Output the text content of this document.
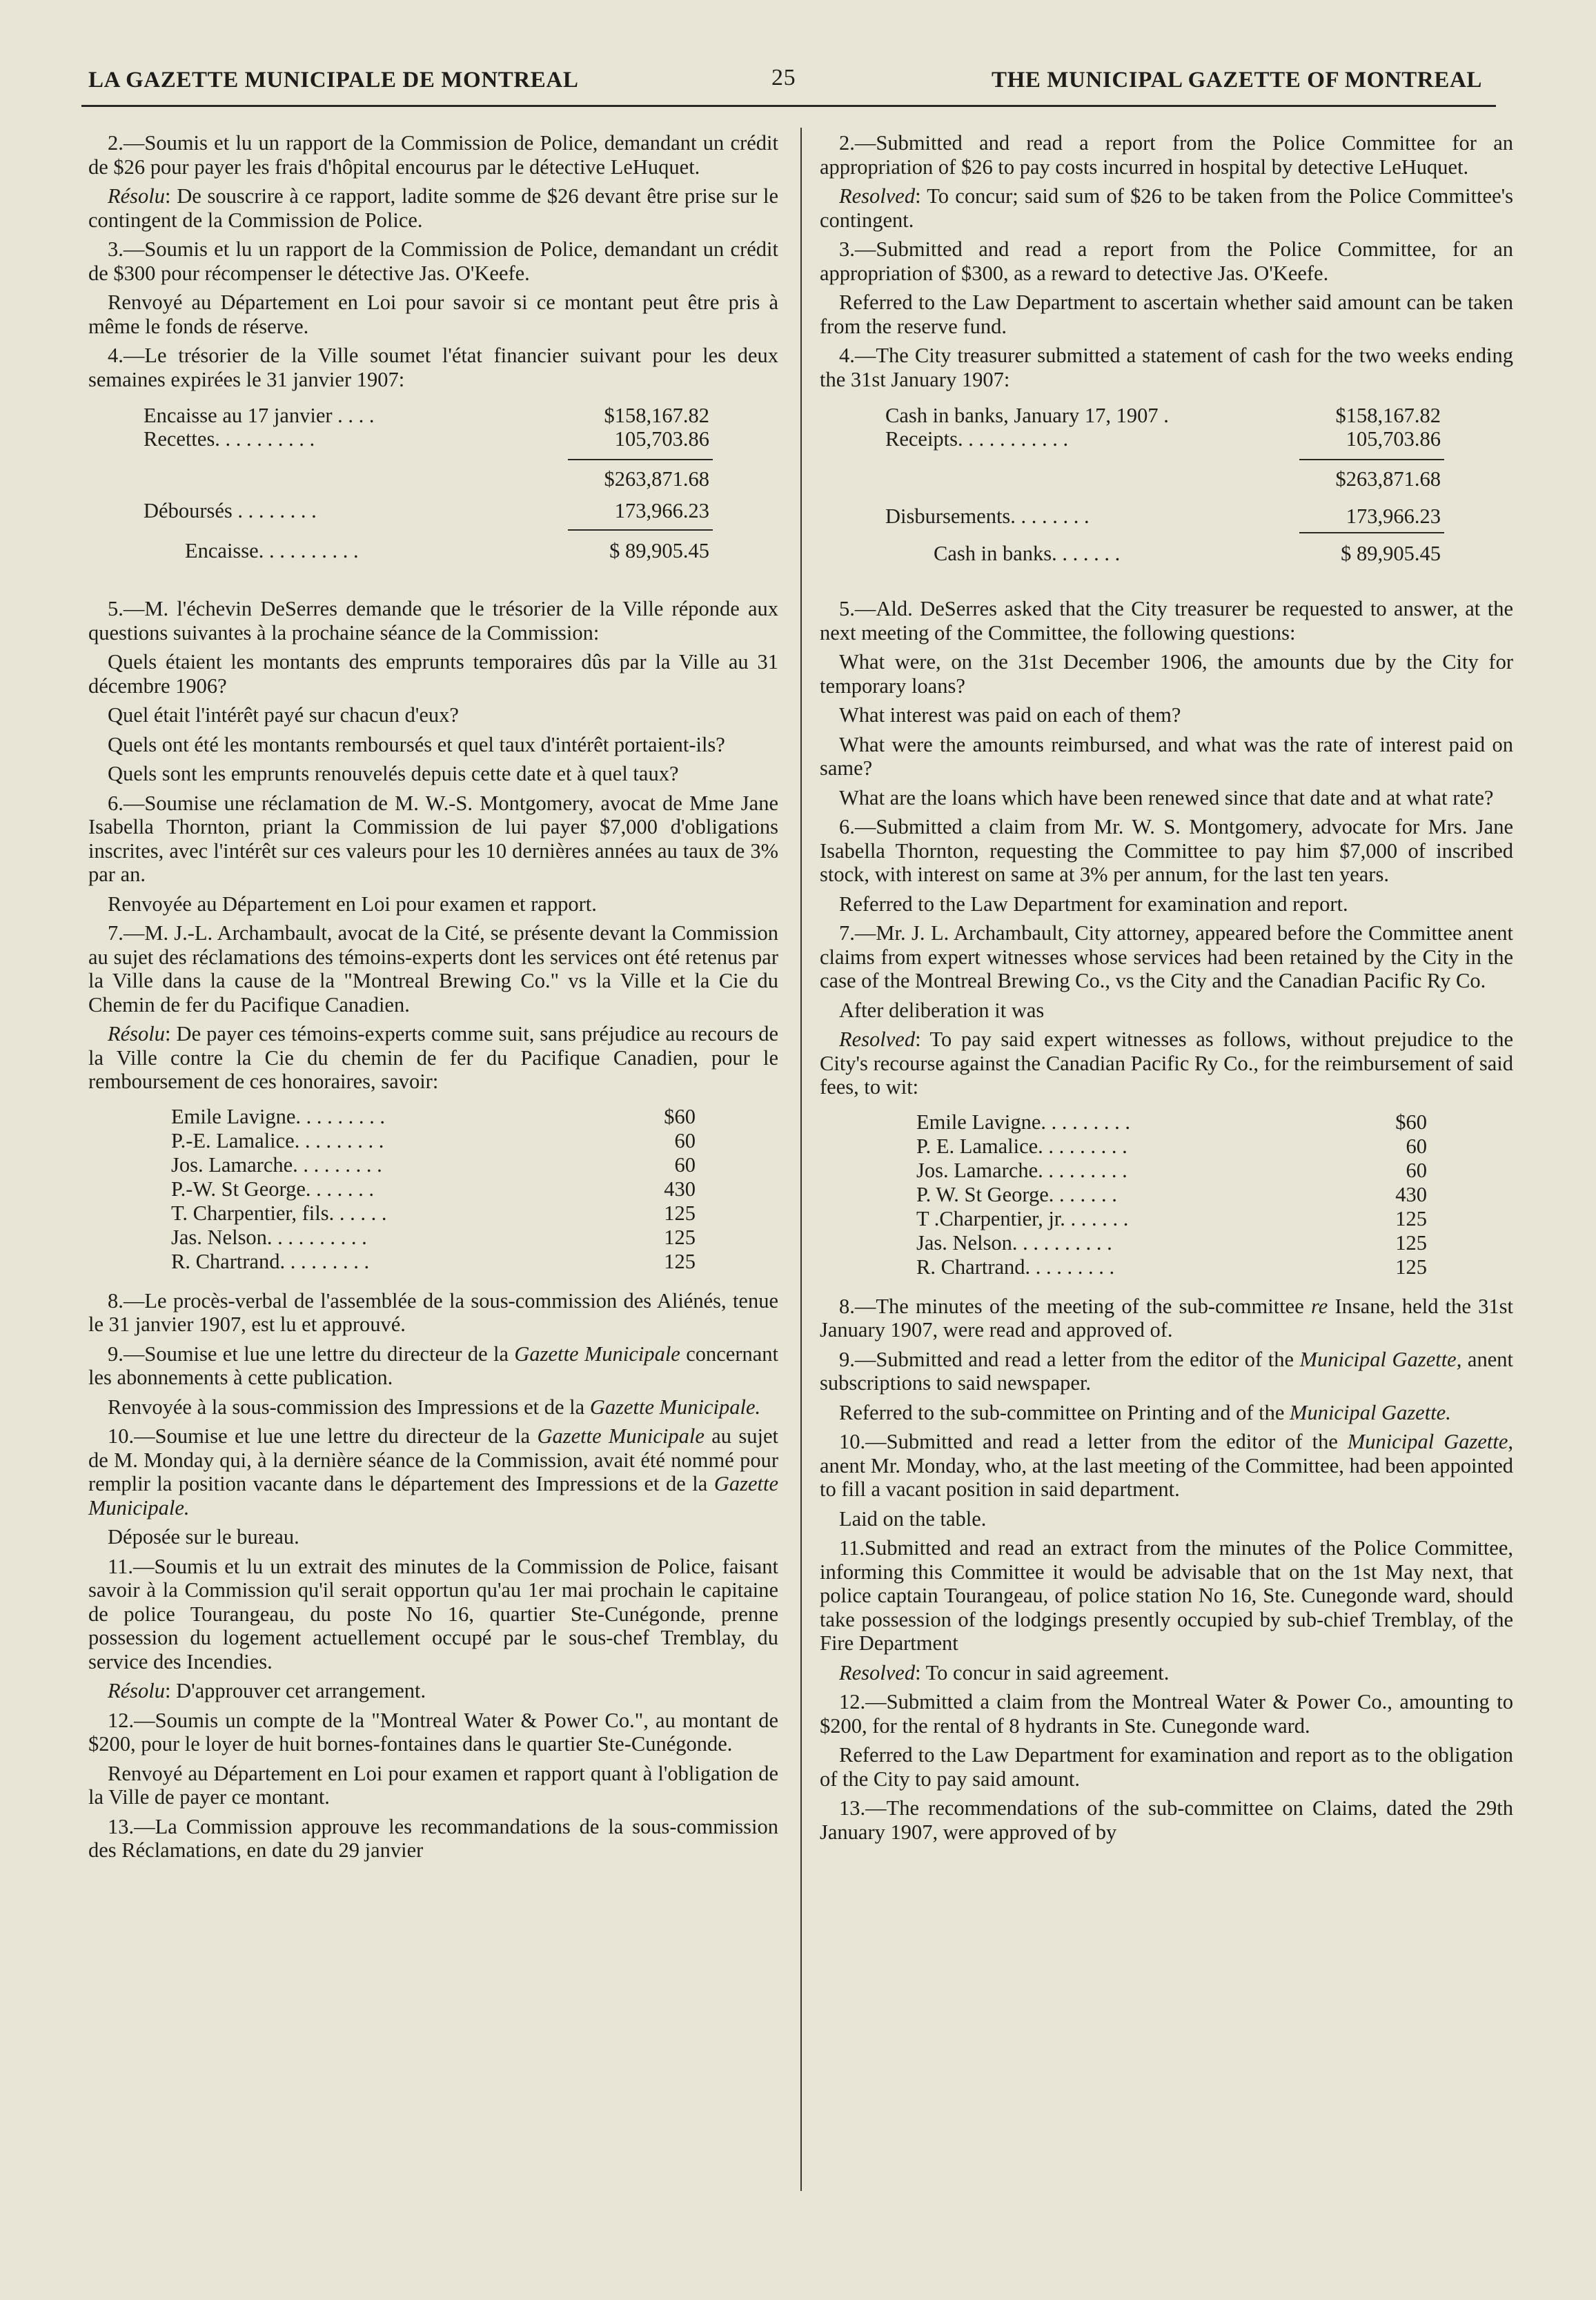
LA GAZETTE MUNICIPALE DE MONTREAL	25	THE MUNICIPAL GAZETTE OF MONTREAL

2.—Soumis et lu un rapport de la Commission de Police, demandant un crédit de $26 pour payer les frais d'hôpital encourus par le détective LeHuquet.

Résolu: De souscrire à ce rapport, ladite somme de $26 devant être prise sur le contingent de la Commission de Police.

3.—Soumis et lu un rapport de la Commission de Police, demandant un crédit de $300 pour récompenser le détective Jas. O'Keefe.

Renvoyé au Département en Loi pour savoir si ce montant peut être pris à même le fonds de réserve.

4.—Le trésorier de la Ville soumet l'état financier suivant pour les deux semaines expirées le 31 janvier 1907:

Encaisse au 17 janvier . . . .	$158,167.82
Recettes. . . . . . . . . .	105,703.86
$263,871.68
Déboursés . . . . . . . .	173,966.23
Encaisse. . . . . . . . . .	$ 89,905.45

5.—M. l'échevin DeSerres demande que le trésorier de la Ville réponde aux questions suivantes à la prochaine séance de la Commission:

Quels étaient les montants des emprunts temporaires dûs par la Ville au 31 décembre 1906?

Quel était l'intérêt payé sur chacun d'eux?

Quels ont été les montants remboursés et quel taux d'intérêt portaient-ils?

Quels sont les emprunts renouvelés depuis cette date et à quel taux?

6.—Soumise une réclamation de M. W.-S. Montgomery, avocat de Mme Jane Isabella Thornton, priant la Commission de lui payer $7,000 d'obligations inscrites, avec l'intérêt sur ces valeurs pour les 10 dernières années au taux de 3% par an.

Renvoyée au Département en Loi pour examen et rapport.

7.—M. J.-L. Archambault, avocat de la Cité, se présente devant la Commission au sujet des réclamations des témoins-experts dont les services ont été retenus par la Ville dans la cause de la "Montreal Brewing Co." vs la Ville et la Cie du Chemin de fer du Pacifique Canadien.

Résolu: De payer ces témoins-experts comme suit, sans préjudice au recours de la Ville contre la Cie du chemin de fer du Pacifique Canadien, pour le remboursement de ces honoraires, savoir:

Emile Lavigne. . . . . . . . .	$60
P.-E. Lamalice. . . . . . . . .	60
Jos. Lamarche. . . . . . . . .	60
P.-W. St George. . . . . . .	430
T. Charpentier, fils. . . . . .	125
Jas. Nelson. . . . . . . . . .	125
R. Chartrand. . . . . . . . .	125

8.—Le procès-verbal de l'assemblée de la sous-commission des Aliénés, tenue le 31 janvier 1907, est lu et approuvé.

9.—Soumise et lue une lettre du directeur de la Gazette Municipale concernant les abonnements à cette publication.

Renvoyée à la sous-commission des Impressions et de la Gazette Municipale.

10.—Soumise et lue une lettre du directeur de la Gazette Municipale au sujet de M. Monday qui, à la dernière séance de la Commission, avait été nommé pour remplir la position vacante dans le département des Impressions et de la Gazette Municipale.

Déposée sur le bureau.

11.—Soumis et lu un extrait des minutes de la Commission de Police, faisant savoir à la Commission qu'il serait opportun qu'au 1er mai prochain le capitaine de police Tourangeau, du poste No 16, quartier Ste-Cunégonde, prenne possession du logement actuellement occupé par le sous-chef Tremblay, du service des Incendies.

Résolu: D'approuver cet arrangement.

12.—Soumis un compte de la "Montreal Water & Power Co.", au montant de $200, pour le loyer de huit bornes-fontaines dans le quartier Ste-Cunégonde.

Renvoyé au Département en Loi pour examen et rapport quant à l'obligation de la Ville de payer ce montant.

13.—La Commission approuve les recommandations de la sous-commission des Réclamations, en date du 29 janvier

2.—Submitted and read a report from the Police Committee for an appropriation of $26 to pay costs incurred in hospital by detective LeHuquet.

Resolved: To concur; said sum of $26 to be taken from the Police Committee's contingent.

3.—Submitted and read a report from the Police Committee, for an appropriation of $300, as a reward to detective Jas. O'Keefe.

Referred to the Law Department to ascertain whether said amount can be taken from the reserve fund.

4.—The City treasurer submitted a statement of cash for the two weeks ending the 31st January 1907:

Cash in banks, January 17, 1907 .	$158,167.82
Receipts. . . . . . . . . . .	105,703.86
$263,871.68
Disbursements. . . . . . . .	173,966.23
Cash in banks. . . . . . .	$ 89,905.45

5.—Ald. DeSerres asked that the City treasurer be requested to answer, at the next meeting of the Committee, the following questions:

What were, on the 31st December 1906, the amounts due by the City for temporary loans?

What interest was paid on each of them?

What were the amounts reimbursed, and what was the rate of interest paid on same?

What are the loans which have been renewed since that date and at what rate?

6.—Submitted a claim from Mr. W. S. Montgomery, advocate for Mrs. Jane Isabella Thornton, requesting the Committee to pay him $7,000 of inscribed stock, with interest on same at 3% per annum, for the last ten years.

Referred to the Law Department for examination and report.

7.—Mr. J. L. Archambault, City attorney, appeared before the Committee anent claims from expert witnesses whose services had been retained by the City in the case of the Montreal Brewing Co., vs the City and the Canadian Pacific Ry Co.

After deliberation it was

Resolved: To pay said expert witnesses as follows, without prejudice to the City's recourse against the Canadian Pacific Ry Co., for the reimbursement of said fees, to wit:

Emile Lavigne. . . . . . . . .	$60
P. E. Lamalice. . . . . . . . .	60
Jos. Lamarche. . . . . . . . .	60
P. W. St George. . . . . . .	430
T .Charpentier, jr. . . . . . .	125
Jas. Nelson. . . . . . . . . .	125
R. Chartrand. . . . . . . . .	125

8.—The minutes of the meeting of the sub-committee re Insane, held the 31st January 1907, were read and approved of.

9.—Submitted and read a letter from the editor of the Municipal Gazette, anent subscriptions to said newspaper.

Referred to the sub-committee on Printing and of the Municipal Gazette.

10.—Submitted and read a letter from the editor of the Municipal Gazette, anent Mr. Monday, who, at the last meeting of the Committee, had been appointed to fill a vacant position in said department.

Laid on the table.

11.Submitted and read an extract from the minutes of the Police Committee, informing this Committee it would be advisable that on the 1st May next, that police captain Tourangeau, of police station No 16, Ste. Cunegonde ward, should take possession of the lodgings presently occupied by sub-chief Tremblay, of the Fire Department

Resolved: To concur in said agreement.

12.—Submitted a claim from the Montreal Water & Power Co., amounting to $200, for the rental of 8 hydrants in Ste. Cunegonde ward.

Referred to the Law Department for examination and report as to the obligation of the City to pay said amount.

13.—The recommendations of the sub-committee on Claims, dated the 29th January 1907, were approved of by
